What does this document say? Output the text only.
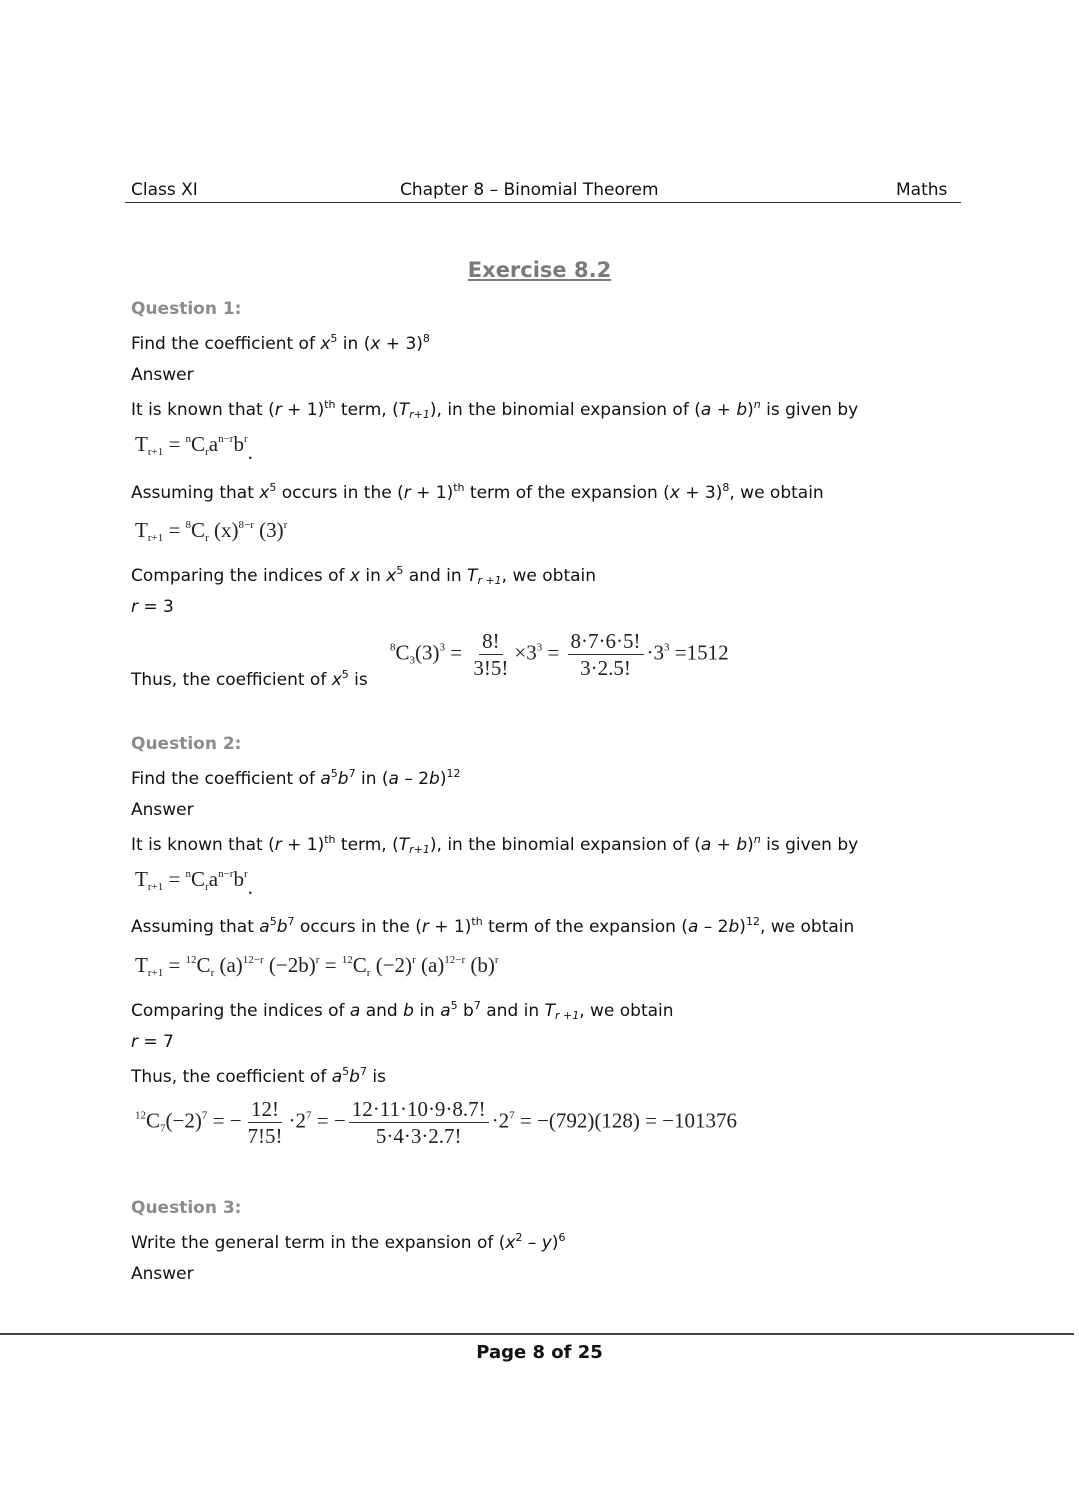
Class XI	Chapter 8 – Binomial Theorem	Maths
Exercise 8.2
Question 1:
Find the coefficient of $x^5$ in $(x + 3)^8$
Answer
It is known that $(r + 1)^{th}$ term, $(T_{r+1})$, in the binomial expansion of $(a + b)^n$ is given by
$T_{r+1} = ^nC_ra^{n-r}b^r$.
Assuming that $x^5$ occurs in the $(r + 1)^{th}$ term of the expansion $(x + 3)^8$, we obtain
$T_{r+1} = ^8C_r$ $(x)^{8-r}$ $(3)^r$
Comparing the indices of x in $x^5$ and in $T_{r +1}$, we obtain
r = 3
Thus, the coefficient of $x^5$ is
$^8C_3(3)^3 = \frac{8!}{3!5!} \times 3^3 = \frac{8\cdot 7\cdot 6\cdot 5!}{3\cdot 2.5!} \cdot 3^3 =1512$
Question 2:
Find the coefficient of $a^5b^7$ in (a – 2b)$^{12}$
Answer
It is known that $(r + 1)^{th}$ term, $(T_{r+1})$, in the binomial expansion of $(a + b)^n$ is given by
$T_{r+1} = ^nC_ra^{n-r}b^r$.
Assuming that $a^5b^7$ occurs in the $(r + 1)^{th}$ term of the expansion (a – 2b)$^{12}$, we obtain
$T_{r+1} = ^{12}C_r$ $(a)^{12-r}$ $(-2b)^r = ^{12}C_r$ $(-2)^r$ $(a)^{12-r}$ $(b)^r$
Comparing the indices of a and b in $a^5$ $b^7$ and in $T_{r +1}$, we obtain
r = 7
Thus, the coefficient of $a^5b^7$ is
$^{12}C_7(-2)^7$ = − $\frac{12!}{7!5!} \cdot 2^7$ = − $\frac{12\cdot 11\cdot 10\cdot 9\cdot 8.7!}{5\cdot 4\cdot 3\cdot 2.7!} \cdot 2^7 = -(792)(128) = -101376$
Question 3:
Write the general term in the expansion of $(x^2 - y)^6$
Answer
Page 8 of 25
